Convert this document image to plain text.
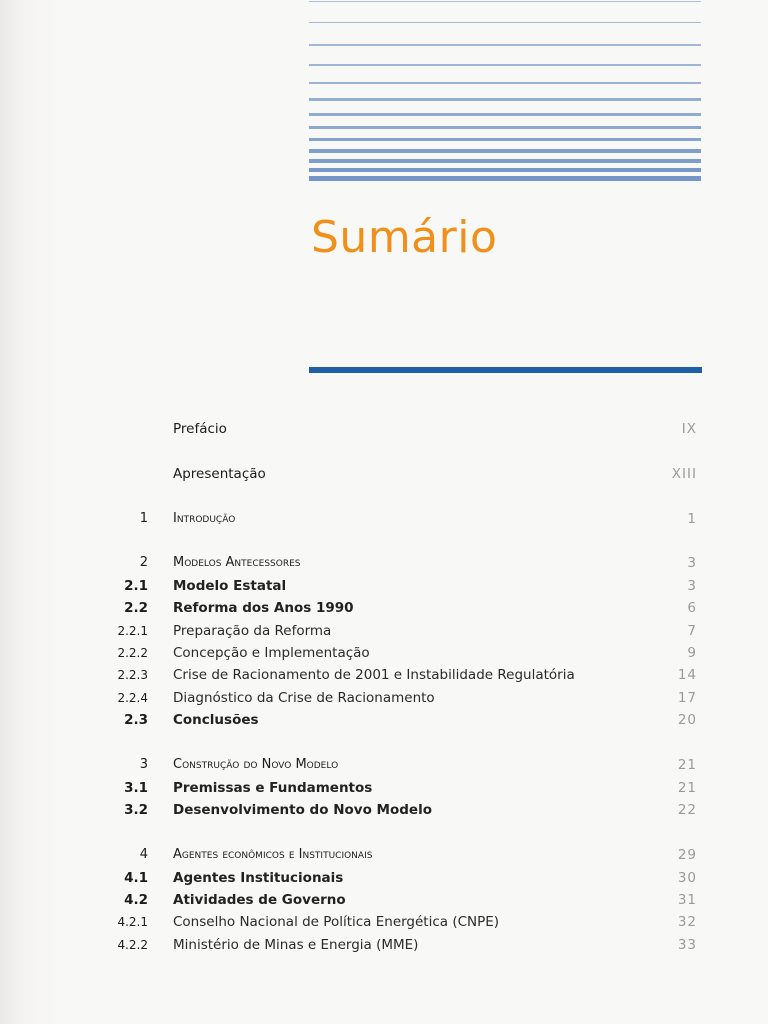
Sumário
Prefácio	IX
Apresentação	XIII
1 Introdução	1
2 Modelos Antecessores	3
2.1 Modelo Estatal	3
2.2 Reforma dos Anos 1990	6
2.2.1 Preparação da Reforma	7
2.2.2 Concepção e Implementação	9
2.2.3 Crise de Racionamento de 2001 e Instabilidade Regulatória	14
2.2.4 Diagnóstico da Crise de Racionamento	17
2.3 Conclusões	20
3 Construção do Novo Modelo	21
3.1 Premissas e Fundamentos	21
3.2 Desenvolvimento do Novo Modelo	22
4 Agentes econômicos e Institucionais	29
4.1 Agentes Institucionais	30
4.2 Atividades de Governo	31
4.2.1 Conselho Nacional de Política Energética (CNPE)	32
4.2.2 Ministério de Minas e Energia (MME)	33
